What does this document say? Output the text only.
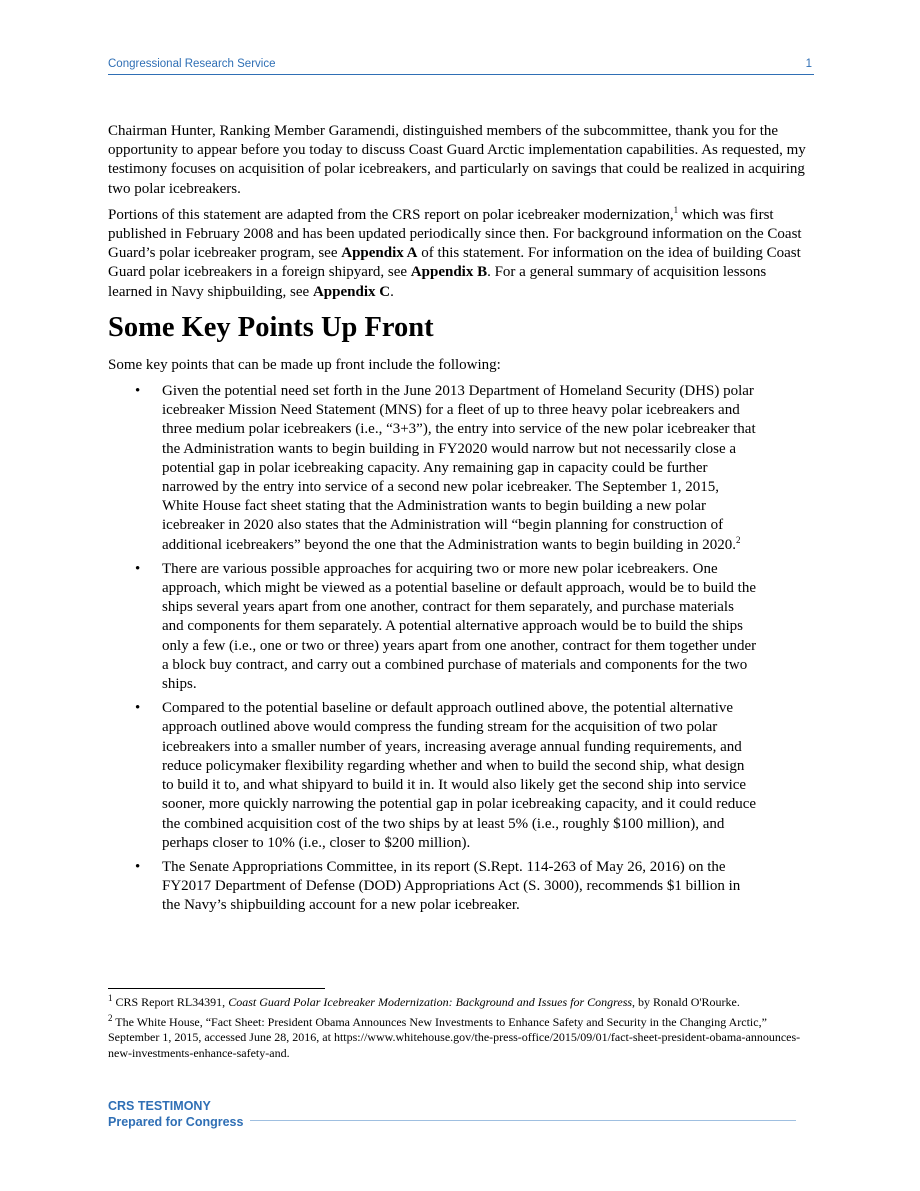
Congressional Research Service	1

Chairman Hunter, Ranking Member Garamendi, distinguished members of the subcommittee, thank you for the opportunity to appear before you today to discuss Coast Guard Arctic implementation capabilities. As requested, my testimony focuses on acquisition of polar icebreakers, and particularly on savings that could be realized in acquiring two polar icebreakers.

Portions of this statement are adapted from the CRS report on polar icebreaker modernization,$^1$ which was first published in February 2008 and has been updated periodically since then. For background information on the Coast Guard’s polar icebreaker program, see Appendix A of this statement. For information on the idea of building Coast Guard polar icebreakers in a foreign shipyard, see Appendix B. For a general summary of acquisition lessons learned in Navy shipbuilding, see Appendix C.

Some Key Points Up Front

Some key points that can be made up front include the following:

• Given the potential need set forth in the June 2013 Department of Homeland Security (DHS) polar icebreaker Mission Need Statement (MNS) for a fleet of up to three heavy polar icebreakers and three medium polar icebreakers (i.e., “3+3”), the entry into service of the new polar icebreaker that the Administration wants to begin building in FY2020 would narrow but not necessarily close a potential gap in polar icebreaking capacity. Any remaining gap in capacity could be further narrowed by the entry into service of a second new polar icebreaker. The September 1, 2015, White House fact sheet stating that the Administration wants to begin building a new polar icebreaker in 2020 also states that the Administration will “begin planning for construction of additional icebreakers” beyond the one that the Administration wants to begin building in 2020.$^2$
• There are various possible approaches for acquiring two or more new polar icebreakers. One approach, which might be viewed as a potential baseline or default approach, would be to build the ships several years apart from one another, contract for them separately, and purchase materials and components for them separately. A potential alternative approach would be to build the ships only a few (i.e., one or two or three) years apart from one another, contract for them together under a block buy contract, and carry out a combined purchase of materials and components for the two ships.
• Compared to the potential baseline or default approach outlined above, the potential alternative approach outlined above would compress the funding stream for the acquisition of two polar icebreakers into a smaller number of years, increasing average annual funding requirements, and reduce policymaker flexibility regarding whether and when to build the second ship, what design to build it to, and what shipyard to build it in. It would also likely get the second ship into service sooner, more quickly narrowing the potential gap in polar icebreaking capacity, and it could reduce the combined acquisition cost of the two ships by at least 5% (i.e., roughly $100 million), and perhaps closer to 10% (i.e., closer to $200 million).
• The Senate Appropriations Committee, in its report (S.Rept. 114-263 of May 26, 2016) on the FY2017 Department of Defense (DOD) Appropriations Act (S. 3000), recommends $1 billion in the Navy’s shipbuilding account for a new polar icebreaker.

$^1$ CRS Report RL34391, Coast Guard Polar Icebreaker Modernization: Background and Issues for Congress, by Ronald O'Rourke.

$^2$ The White House, “Fact Sheet: President Obama Announces New Investments to Enhance Safety and Security in the Changing Arctic,” September 1, 2015, accessed June 28, 2016, at https://www.whitehouse.gov/the-press-office/2015/09/01/fact-sheet-president-obama-announces-new-investments-enhance-safety-and.

CRS TESTIMONY
Prepared for Congress
